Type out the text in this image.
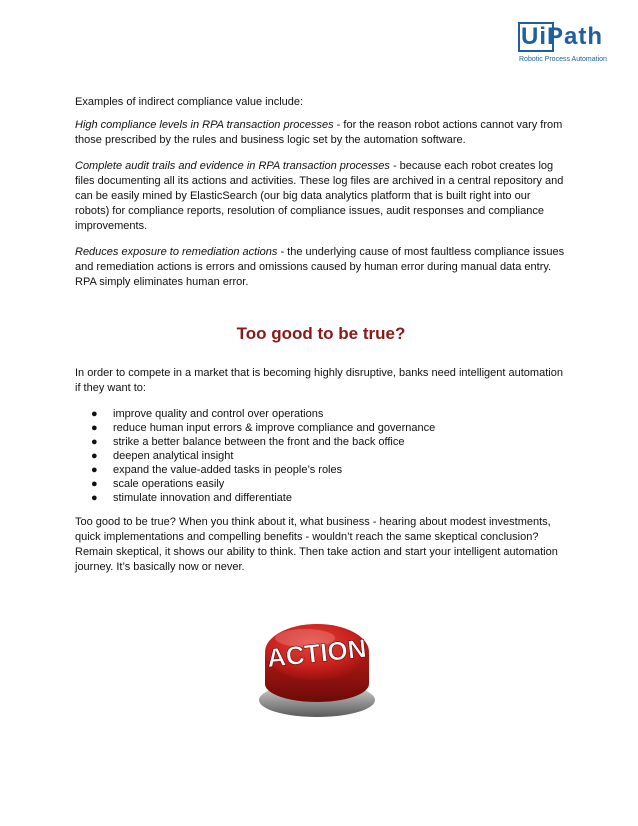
UiPath
Robotic Process Automation

Examples of indirect compliance value include:

High compliance levels in RPA transaction processes - for the reason robot actions cannot vary from those prescribed by the rules and business logic set by the automation software.

Complete audit trails and evidence in RPA transaction processes - because each robot creates log files documenting all its actions and activities. These log files are archived in a central repository and can be easily mined by ElasticSearch (our big data analytics platform that is built right into our robots) for compliance reports, resolution of compliance issues, audit responses and compliance improvements.

Reduces exposure to remediation actions - the underlying cause of most faultless compliance issues and remediation actions is errors and omissions caused by human error during manual data entry. RPA simply eliminates human error.

Too good to be true?

In order to compete in a market that is becoming highly disruptive, banks need intelligent automation if they want to:

● improve quality and control over operations
● reduce human input errors & improve compliance and governance
● strike a better balance between the front and the back office
● deepen analytical insight
● expand the value-added tasks in people’s roles
● scale operations easily
● stimulate innovation and differentiate

Too good to be true? When you think about it, what business - hearing about modest investments, quick implementations and compelling benefits - wouldn’t reach the same skeptical conclusion? Remain skeptical, it shows our ability to think. Then take action and start your intelligent automation journey. It’s basically now or never.

ACTION
